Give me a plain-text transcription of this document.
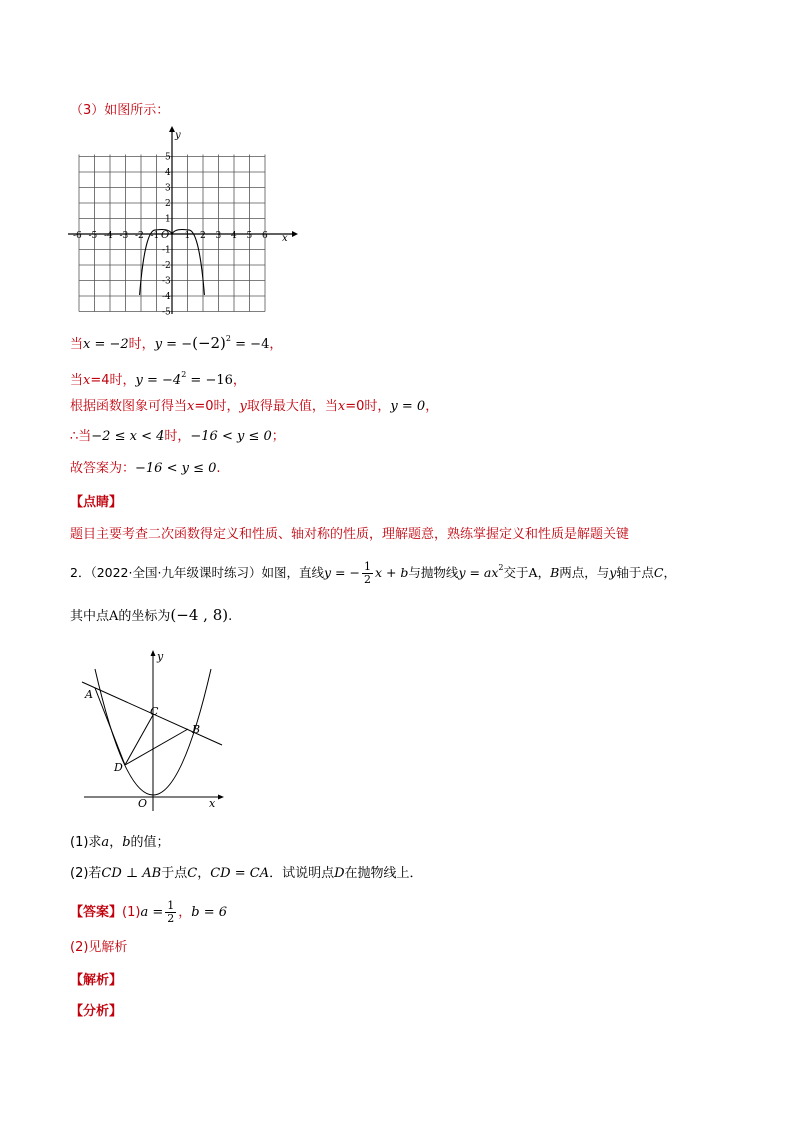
（3）如图所示：
y
x
O
-6 -5 -4 -3 -2 -1	1 2 3 4 5 6
5
4
3
2
1
-1
-2
-3
-4
-5
当x = −2时，$y = -(-2)^2 = -4$，
当x=4时，$y = -4^2 = -16$，
根据函数图象可得当x=0时，y取得最大值，当x=0时，y = 0，
∴当−2 ≤ x < 4时，−16 < y ≤ 0；
故答案为：−16 < y ≤ 0.
【点睛】
题目主要考查二次函数得定义和性质、轴对称的性质，理解题意，熟练掌握定义和性质是解题关键
2．（2022·全国·九年级课时练习）如图，直线y = − $\frac{1}{2}$ x + b与抛物线$y = ax^2$交于A，B两点，与y轴于点C，
其中点A的坐标为(−4 , 8).
y
x
O
A
B
C
D
(1)求a，b的值；
(2)若CD ⊥ AB于点C，CD = CA．试说明点D在抛物线上．
【答案】$(1)a = \frac{1}{2}$ ，b = 6
(2)见解析
【解析】
【分析】
